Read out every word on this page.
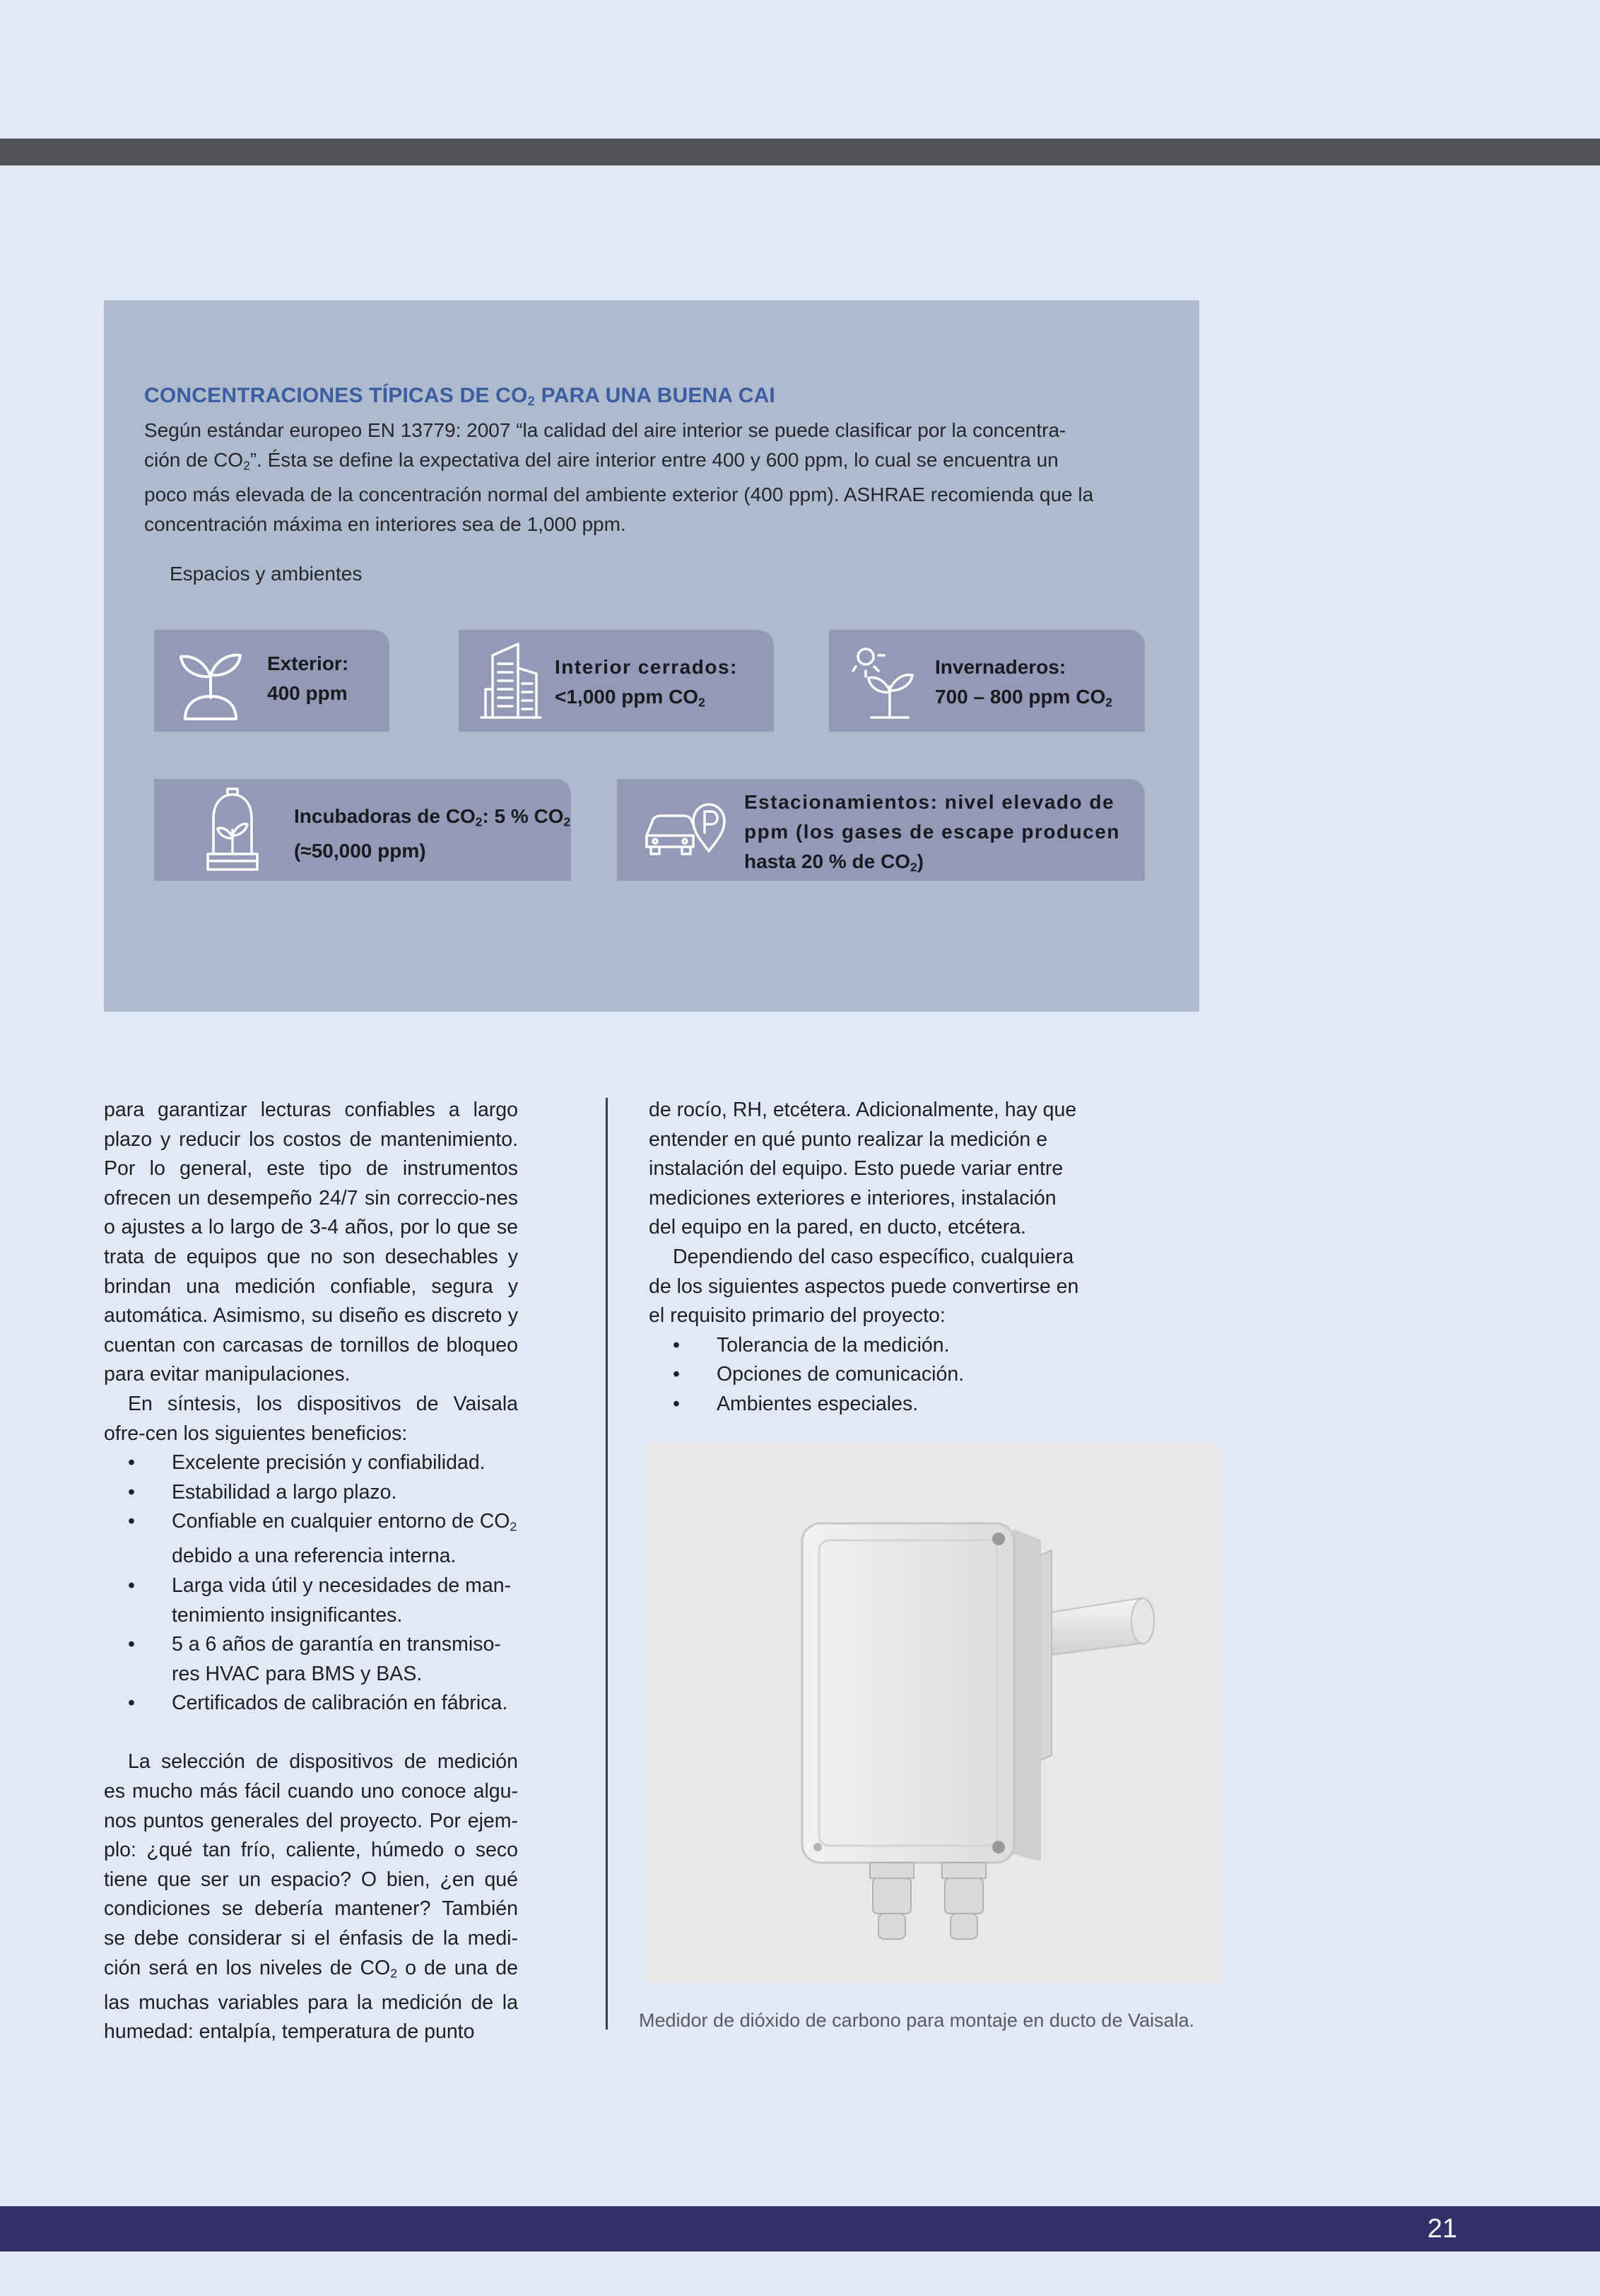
CONCENTRACIONES TÍPICAS DE $CO_2$ PARA UNA BUENA CAI
Según estándar europeo EN 13779: 2007 “la calidad del aire interior se puede clasificar por la concentra-
ción de $CO_2$”. Ésta se define la expectativa del aire interior entre 400 y 600 ppm, lo cual se encuentra un
poco más elevada de la concentración normal del ambiente exterior (400 ppm). ASHRAE recomienda que la
concentración máxima en interiores sea de 1,000 ppm.
Espacios y ambientes
Exterior:
400 ppm
Interior cerrados:
<1,000 ppm $CO_2$
Invernaderos:
700 – 800 ppm $CO_2$
Incubadoras de $CO_2$: 5 % $CO_2$
(≈50,000 ppm)
Estacionamientos: nivel elevado de
ppm (los gases de escape producen
hasta 20 % de $CO_2$)

para garantizar lecturas confiables a largo plazo y reducir los costos de mantenimiento. Por lo general, este tipo de instrumentos ofrecen un desempeño 24/7 sin correccio-nes o ajustes a lo largo de 3-4 años, por lo que se trata de equipos que no son desechables y brindan una medición confiable, segura y automática. Asimismo, su diseño es discreto y cuentan con carcasas de tornillos de bloqueo para evitar manipulaciones.

En síntesis, los dispositivos de Vaisala ofre-cen los siguientes beneficios:

• Excelente precisión y confiabilidad.
• Estabilidad a largo plazo.
• Confiable en cualquier entorno de $CO_2$
debido a una referencia interna.
• Larga vida útil y necesidades de man-tenimiento insignificantes.
• 5 a 6 años de garantía en transmiso-res HVAC para BMS y BAS.
• Certificados de calibración en fábrica.

La selección de dispositivos de medición es mucho más fácil cuando uno conoce algu-nos puntos generales del proyecto. Por ejem-plo: ¿qué tan frío, caliente, húmedo o seco tiene que ser un espacio? O bien, ¿en qué condiciones se debería mantener? También se debe considerar si el énfasis de la medi-ción será en los niveles de $CO_2$ o de una de las muchas variables para la medición de la humedad: entalpía, temperatura de punto

de rocío, RH, etcétera. Adicionalmente, hay que entender en qué punto realizar la medición e instalación del equipo. Esto puede variar entre mediciones exteriores e interiores, instalación del equipo en la pared, en ducto, etcétera.

Dependiendo del caso específico, cualquiera de los siguientes aspectos puede convertirse en el requisito primario del proyecto:

• Tolerancia de la medición.
• Opciones de comunicación.
• Ambientes especiales.
Medidor de dióxido de carbono para montaje en ducto de Vaisala.
21
